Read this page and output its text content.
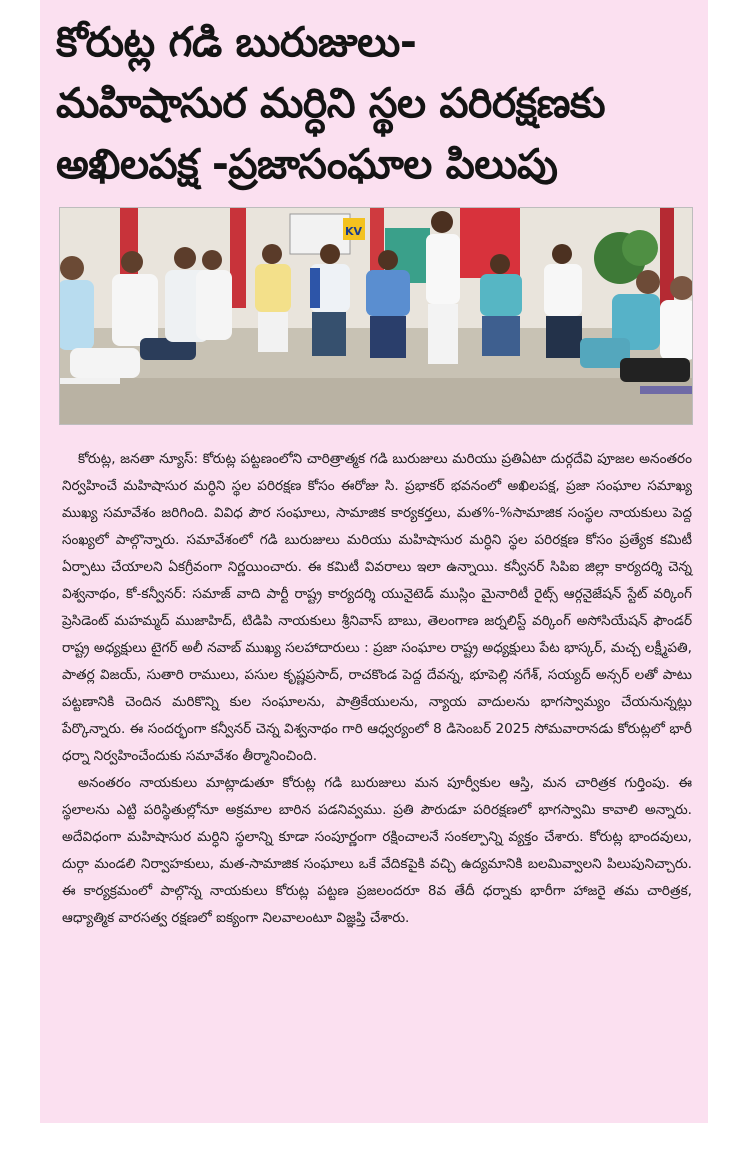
కోరుట్ల గడి బురుజులు-
మహిషాసుర మర్ధిని స్థల పరిరక్షణకు
అఖిలపక్ష -ప్రజాసంఘాల పిలుపు
KV

కోరుట్ల, జనతా న్యూస్: కోరుట్ల పట్టణంలోని చారిత్రాత్మక గడి బురుజులు మరియు ప్రతిఏటా దుర్గదేవి పూజల అనంతరం నిర్వహించే మహిషాసుర మర్ధిని స్థల పరిరక్షణ కోసం ఈరోజు సి. ప్రభాకర్ భవనంలో అఖిలపక్ష, ప్రజా సంఘాల సమాఖ్య ముఖ్య సమావేశం జరిగింది. వివిధ పౌర సంఘాలు, సామాజిక కార్యకర్తలు, మత%-%సామాజిక సంస్థల నాయకులు పెద్ద సంఖ్యలో పాల్గొన్నారు. సమావేశంలో గడి బురుజులు మరియు మహిషాసుర మర్ధిని స్థల పరిరక్షణ కోసం ప్రత్యేక కమిటీ ఏర్పాటు చేయాలని ఏకగ్రీవంగా నిర్ణయించారు. ఈ కమిటీ వివరాలు ఇలా ఉన్నాయి. కన్వీనర్ సిపిఐ జిల్లా కార్యదర్శి చెన్న విశ్వనాథం, కో-కన్వీనర్: సమాజ్ వాది పార్టీ రాష్ట్ర కార్యదర్శి యునైటెడ్ ముస్లిం మైనారిటీ రైట్స్ ఆర్గనైజేషన్ స్టేట్ వర్కింగ్ ప్రెసిడెంట్ మహమ్మద్ ముజాహిద్, టిడిపి నాయకులు శ్రీనివాస్ బాబు, తెలంగాణ జర్నలిస్ట్ వర్కింగ్ అసోసియేషన్ ఫౌండర్ రాష్ట్ర అధ్యక్షులు టైగర్ అలీ నవాబ్ ముఖ్య సలహాదారులు : ప్రజా సంఘాల రాష్ట్ర అధ్యక్షులు పేట భాస్కర్, మచ్చ లక్ష్మీపతి, పాతర్ల విజయ్, సుతారి రాములు, పసుల కృష్ణప్రసాద్, రాచకొండ పెద్ద దేవన్న, భూపెల్లి నగేశ్, సయ్యద్ అన్సర్ లతో పాటు పట్టణానికి చెందిన మరికొన్ని కుల సంఘాలను, పాత్రికేయులను, న్యాయ వాదులను భాగస్వామ్యం చేయనున్నట్లు పేర్కొన్నారు. ఈ సందర్భంగా కన్వీనర్ చెన్న విశ్వనాథం గారి ఆధ్వర్యంలో 8 డిసెంబర్ 2025 సోమవారానడు కోరుట్లలో భారీ ధర్నా నిర్వహించేందుకు సమావేశం తీర్మానించింది.

అనంతరం నాయకులు మాట్లాడుతూ కోరుట్ల గడి బురుజులు మన పూర్వీకుల ఆస్తి, మన చారిత్రక గుర్తింపు. ఈ స్థలాలను ఎట్టి పరిస్థితుల్లోనూ అక్రమాల బారిన పడనివ్వము. ప్రతి పౌరుడూ పరిరక్షణలో భాగస్వామి కావాలి అన్నారు. అదేవిధంగా మహిషాసుర మర్ధిని స్థలాన్ని కూడా సంపూర్ణంగా రక్షించాలనే సంకల్పాన్ని వ్యక్తం చేశారు. కోరుట్ల భాందవులు, దుర్గా మండలి నిర్వాహకులు, మత-సామాజిక సంఘాలు ఒకే వేదికపైకి వచ్చి ఉద్యమానికి బలమివ్వాలని పిలుపునిచ్చారు. ఈ కార్యక్రమంలో పాల్గొన్న నాయకులు కోరుట్ల పట్టణ ప్రజలందరూ 8వ తేదీ ధర్నాకు భారీగా హాజరై తమ చారిత్రక, ఆధ్యాత్మిక వారసత్వ రక్షణలో ఐక్యంగా నిలవాలంటూ విజ్ఞప్తి చేశారు.
